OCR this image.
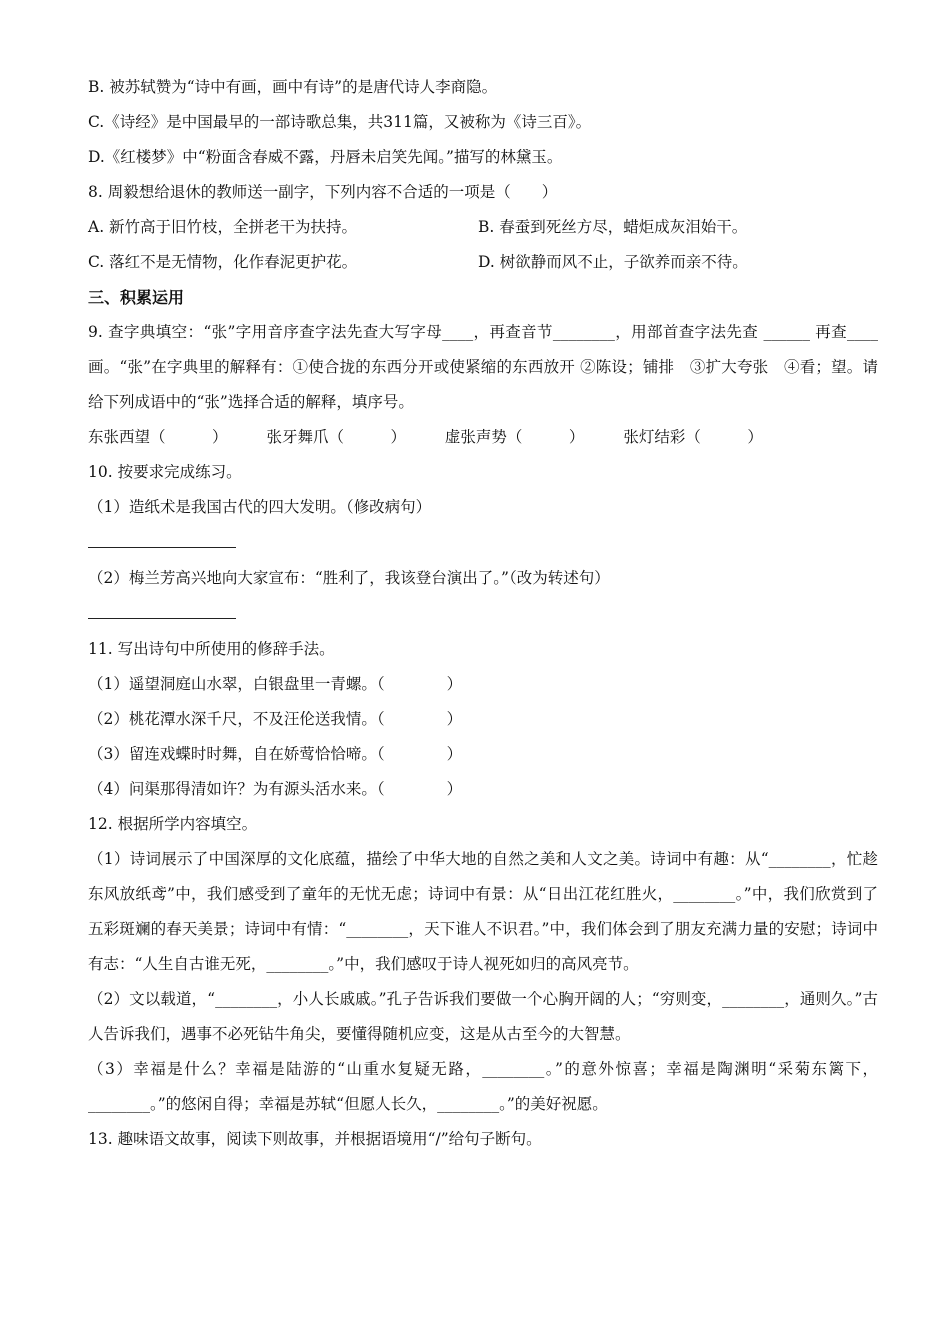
B. 被苏轼赞为“诗中有画，画中有诗”的是唐代诗人李商隐。
C.《诗经》是中国最早的一部诗歌总集，共311篇，又被称为《诗三百》。
D.《红楼梦》中“粉面含春威不露，丹唇未启笑先闻。”描写的林黛玉。
8. 周毅想给退休的教师送一副字，下列内容不合适的一项是（　　）
A. 新竹高于旧竹枝，全拼老干为扶持。	B. 春蚕到死丝方尽，蜡炬成灰泪始干。
C. 落红不是无情物，化作春泥更护花。	D. 树欲静而风不止，子欲养而亲不待。
三、积累运用
9. 查字典填空：“张”字用音序查字法先查大写字母____，再查音节________，用部首查字法先查 ______ 再查____画。“张”在字典里的解释有：①使合拢的东西分开或使紧缩的东西放开 ②陈设；铺排　③扩大夸张　④看；望。请给下列成语中的“张”选择合适的解释，填序号。
东张西望（　　　）	张牙舞爪（　　　）	虚张声势（　　　）	张灯结彩（　　　）
10. 按要求完成练习。
（1）造纸术是我国古代的四大发明。（修改病句）
（2）梅兰芳高兴地向大家宣布：“胜利了，我该登台演出了。”（改为转述句）
11. 写出诗句中所使用的修辞手法。
（1）遥望洞庭山水翠，白银盘里一青螺。（　　　　）
（2）桃花潭水深千尺，不及汪伦送我情。（　　　　）
（3）留连戏蝶时时舞，自在娇莺恰恰啼。（　　　　）
（4）问渠那得清如许？为有源头活水来。（　　　　）
12. 根据所学内容填空。
（1）诗词展示了中国深厚的文化底蕴，描绘了中华大地的自然之美和人文之美。诗词中有趣：从“________，忙趁东风放纸鸢”中，我们感受到了童年的无忧无虑；诗词中有景：从“日出江花红胜火，________。”中，我们欣赏到了五彩斑斓的春天美景；诗词中有情：“________，天下谁人不识君。”中，我们体会到了朋友充满力量的安慰；诗词中有志：“人生自古谁无死，________。”中，我们感叹于诗人视死如归的高风亮节。
（2）文以载道，“________，小人长戚戚。”孔子告诉我们要做一个心胸开阔的人；“穷则变，________，通则久。”古人告诉我们，遇事不必死钻牛角尖，要懂得随机应变，这是从古至今的大智慧。
（3）幸福是什么？幸福是陆游的“山重水复疑无路，________。”的意外惊喜；幸福是陶渊明“采菊东篱下，________。”的悠闲自得；幸福是苏轼“但愿人长久，________。”的美好祝愿。
13. 趣味语文故事，阅读下则故事，并根据语境用“/”给句子断句。
